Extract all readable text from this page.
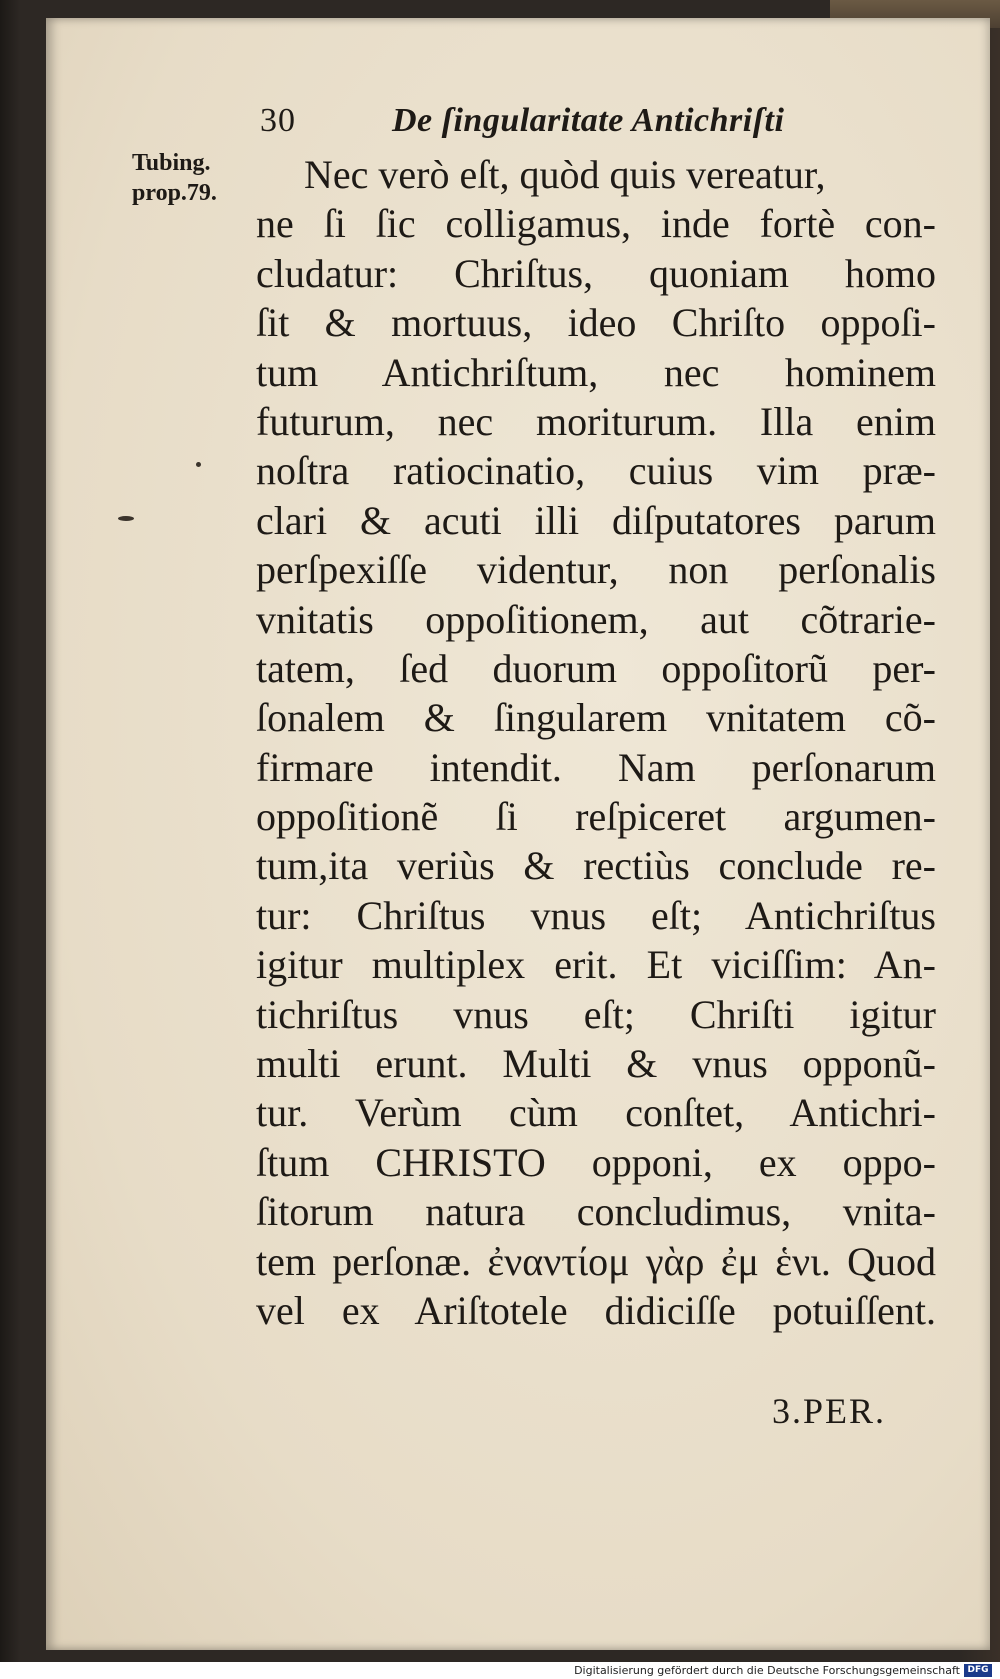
30	De ſingularitate Antichriſti
Tubing.
prop.79.	Nec verò eſt, quòd quis vereatur,
ne ſi ſic colligamus, inde fortè con-
cludatur: Chriſtus, quoniam homo
ſit & mortuus, ideo Chriſto oppoſi-
tum Antichriſtum, nec hominem
futurum, nec moriturum. Illa enim
noſtra ratiocinatio, cuius vim præ-
clari & acuti illi diſputatores parum
perſpexiſſe videntur, non perſonalis
vnitatis oppoſitionem, aut cõtrarie-
tatem, ſed duorum oppoſitorũ per-
ſonalem & ſingularem vnitatem cõ-
firmare intendit. Nam perſonarum
oppoſitionẽ ſi reſpiceret argumen-
tum,ita veriùs & rectiùs conclude re-
tur: Chriſtus vnus eſt; Antichriſtus
igitur multiplex erit. Et viciſſim: An-
tichriſtus vnus eſt; Chriſti igitur
multi erunt. Multi & vnus opponũ-
tur. Verùm cùm conſtet, Antichri-
ſtum CHRISTO opponi, ex oppo-
ſitorum natura concludimus, vnita-
tem perſonæ. ἐναντίομ γὰρ ἐμ ἑνι. Quod
vel ex Ariſtotele didiciſſe potuiſſent.
3.PER.
Digitalisierung gefördert durch die Deutsche Forschungsgemeinschaft DFG
